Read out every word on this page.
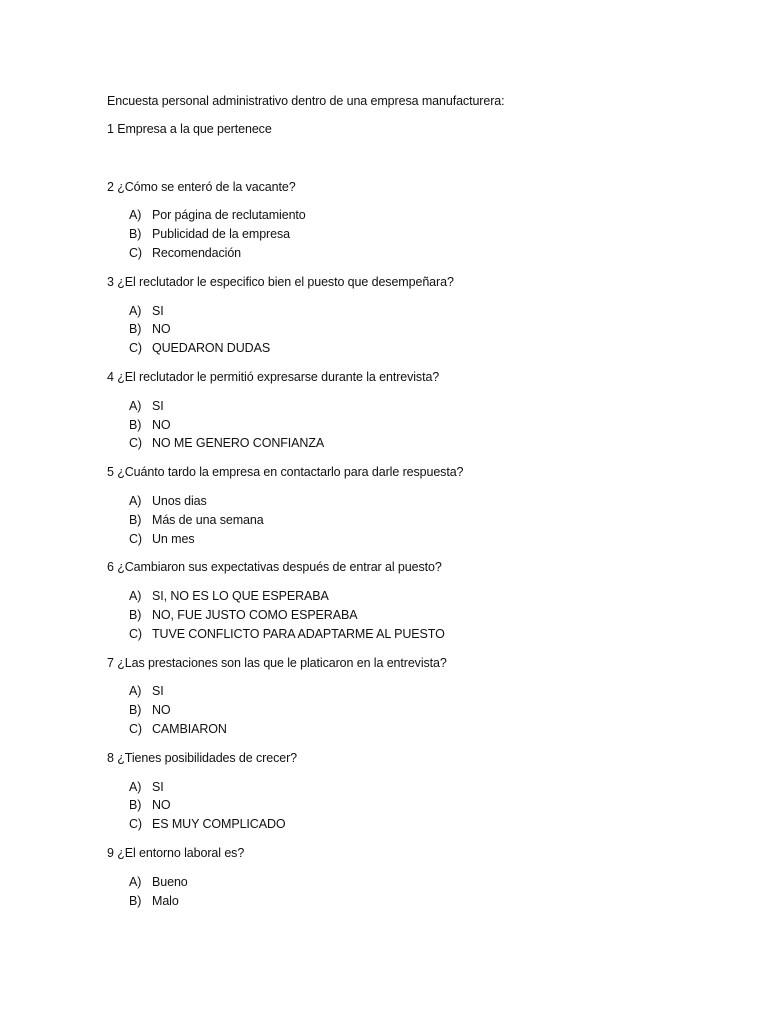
Encuesta personal administrativo dentro de una empresa manufacturera:

1 Empresa a la que pertenece

2 ¿Cómo se enteró de la vacante?

A) Por página de reclutamiento
B) Publicidad de la empresa
C) Recomendación

3 ¿El reclutador le especifico bien el puesto que desempeñara?

A) SI
B) NO
C) QUEDARON DUDAS

4 ¿El reclutador le permitió expresarse durante la entrevista?

A) SI
B) NO
C) NO ME GENERO CONFIANZA

5 ¿Cuánto tardo la empresa en contactarlo para darle respuesta?

A) Unos dias
B) Más de una semana
C) Un mes

6 ¿Cambiaron sus expectativas después de entrar al puesto?

A) SI, NO ES LO QUE ESPERABA
B) NO, FUE JUSTO COMO ESPERABA
C) TUVE CONFLICTO PARA ADAPTARME AL PUESTO

7 ¿Las prestaciones son las que le platicaron en la entrevista?

A) SI
B) NO
C) CAMBIARON

8 ¿Tienes posibilidades de crecer?

A) SI
B) NO
C) ES MUY COMPLICADO

9 ¿El entorno laboral es?

A) Bueno
B) Malo
